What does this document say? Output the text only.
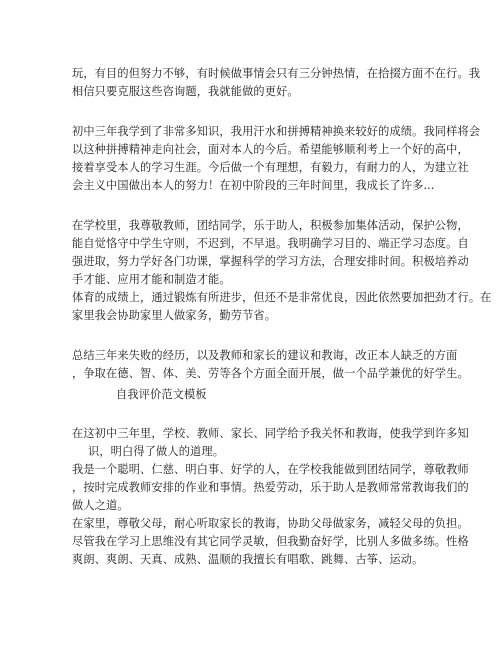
玩，有目的但努力不够，有时候做事情会只有三分钟热情，在拾掇方面不在行。我
相信只要克服这些咨询题，我就能做的更好。
初中三年我学到了非常多知识，我用汗水和拼搏精神换来较好的成绩。我同样将会
以这种拼搏精神走向社会，面对本人的今后。希望能够顺利考上一个好的高中，
接着享受本人的学习生涯。今后做一个有理想，有毅力，有耐力的人，为建立社
会主义中国做出本人的努力！在初中阶段的三年时间里，我成长了许多...
在学校里，我尊敬教师，团结同学，乐于助人，积极参加集体活动，保护公物，
能自觉恪守中学生守则，不迟到，不早退。我明确学习目的、端正学习态度。自
强进取，努力学好各门功课，掌握科学的学习方法，合理安排时间。积极培养动
手才能、应用才能和制造才能。
体育的成绩上，通过锻炼有所进步，但还不是非常优良，因此依然要加把劲才行。在
家里我会协助家里人做家务，勤劳节省。
总结三年来失败的经历，以及教师和家长的建议和教诲，改正本人缺乏的方面
，争取在德、智、体、美、劳等各个方面全面开展，做一个品学兼优的好学生。
自我评价范文模板
在这初中三年里，学校、教师、家长、同学给予我关怀和教诲，使我学到许多知
识，明白得了做人的道理。
我是一个聪明、仁慈、明白事、好学的人，在学校我能做到团结同学，尊敬教师
，按时完成教师安排的作业和事情。热爱劳动，乐于助人是教师常常教诲我们的
做人之道。
在家里，尊敬父母，耐心听取家长的教诲，协助父母做家务，减轻父母的负担。
尽管我在学习上思维没有其它同学灵敏，但我勤奋好学，比别人多做多练。性格
爽朗、爽朗、天真、成熟、温顺的我擅长有唱歌、跳舞、古筝、运动。
